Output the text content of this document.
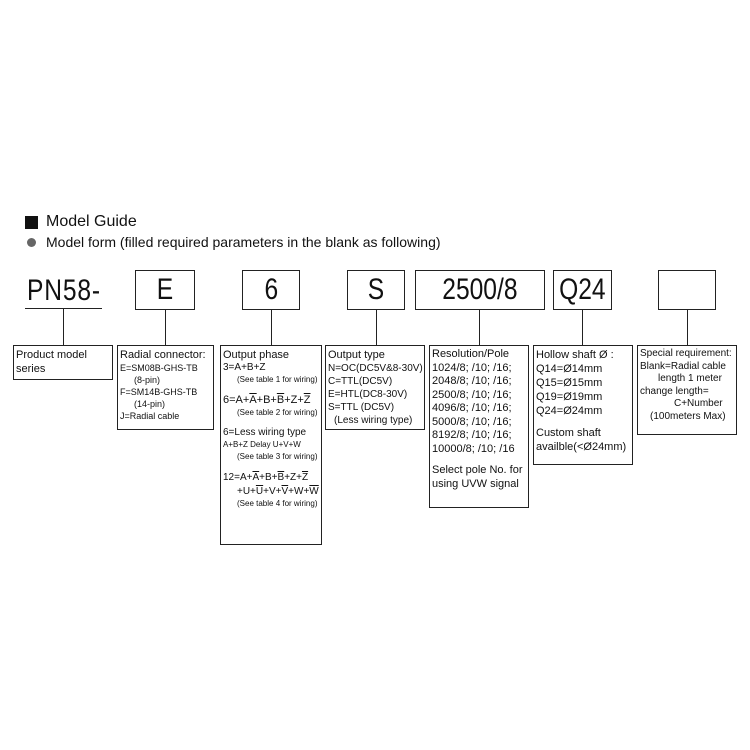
Model Guide
Model form (filled required parameters in the blank as following)
PN58- E	6	S 2500/8 Q24
Product model
series
Radial connector:
E=SM08B-GHS-TB
(8-pin)
F=SM14B-GHS-TB
(14-pin)
J=Radial cable
Output phase
3=A+B+Z
(See table 1 for wiring)
$6=A+\overline{A}+B+\overline{B}+Z+\overline{Z}$
(See table 2 for wiring)
6=Less wiring type
A+B+Z Delay U+V+W
(See table 3 for wiring)
$12=A+\overline{A}+B+\overline{B}+Z+\overline{Z}$
$+U+\overline{U}+V+\overline{V}+W+\overline{W}$
(See table 4 for wiring)
Output type
N=OC(DC5V&8-30V)
C=TTL(DC5V)
E=HTL(DC8-30V)
S=TTL (DC5V)
(Less wiring type)
Resolution/Pole
1024/8; /10; /16;
2048/8; /10; /16;
2500/8; /10; /16;
4096/8; /10; /16;
5000/8; /10; /16;
8192/8; /10; /16;
10000/8; /10; /16
Select pole No. for
using UVW signal
Hollow shaft Ø :
Q14=Ø14mm
Q15=Ø15mm
Q19=Ø19mm
Q24=Ø24mm
Custom shaft
availble(<Ø24mm)
Special requirement:
Blank=Radial cable
length 1 meter
change length=
C+Number
(100meters Max)
